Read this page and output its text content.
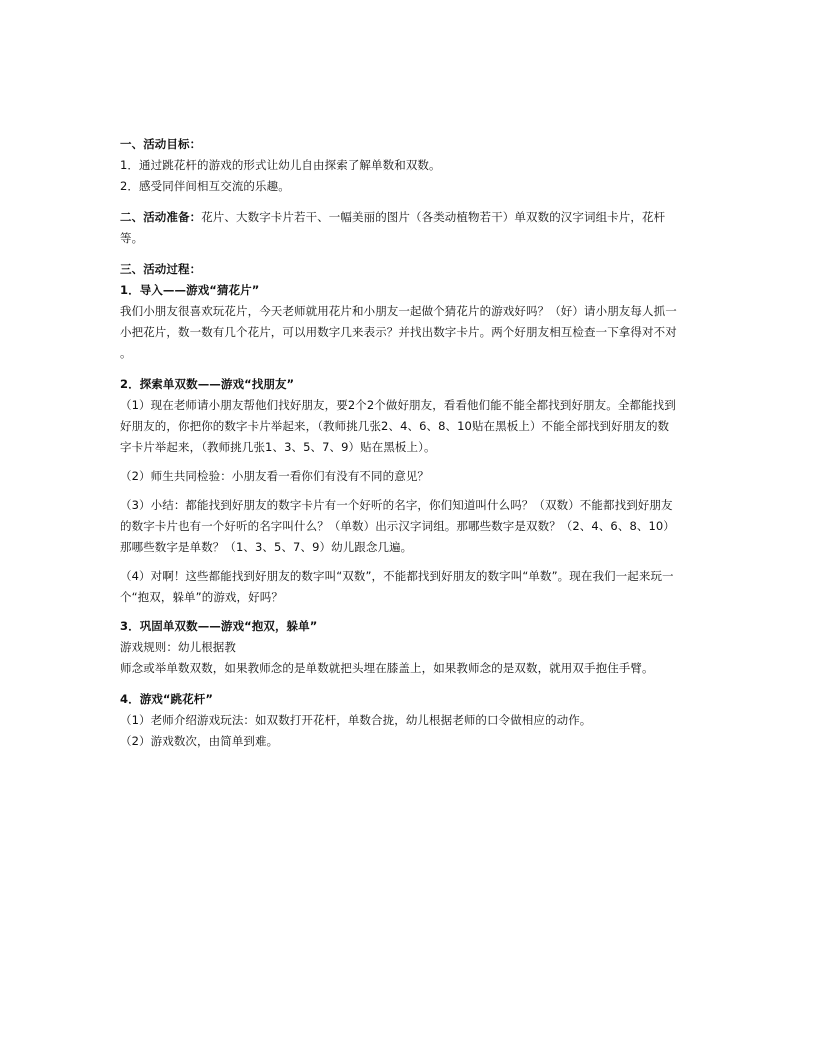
一、活动目标：

1．通过跳花杆的游戏的形式让幼儿自由探索了解单数和双数。

2．感受同伴间相互交流的乐趣。

二、活动准备：花片、大数字卡片若干、一幅美丽的图片（各类动植物若干）单双数的汉字词组卡片，花杆

等。

三、活动过程：

1．导入——游戏“猜花片”

我们小朋友很喜欢玩花片，今天老师就用花片和小朋友一起做个猜花片的游戏好吗？（好）请小朋友每人抓一

小把花片，数一数有几个花片，可以用数字几来表示？并找出数字卡片。两个好朋友相互检查一下拿得对不对

。

2．探索单双数——游戏“找朋友”

（1）现在老师请小朋友帮他们找好朋友，要2个2个做好朋友，看看他们能不能全都找到好朋友。全都能找到

好朋友的，你把你的数字卡片举起来，（教师挑几张2、4、6、8、10贴在黑板上）不能全部找到好朋友的数

字卡片举起来，（教师挑几张1、3、5、7、9）贴在黑板上）。

（2）师生共同检验：小朋友看一看你们有没有不同的意见？

（3）小结：都能找到好朋友的数字卡片有一个好听的名字，你们知道叫什么吗？（双数）不能都找到好朋友

的数字卡片也有一个好听的名字叫什么？（单数）出示汉字词组。那哪些数字是双数？（2、4、6、8、10）

那哪些数字是单数？（1、3、5、7、9）幼儿跟念几遍。

（4）对啊！这些都能找到好朋友的数字叫“双数”，不能都找到好朋友的数字叫“单数”。现在我们一起来玩一

个“抱双，躲单”的游戏，好吗？

3．巩固单双数——游戏“抱双，躲单”

游戏规则：幼儿根据教

师念或举单数双数，如果教师念的是单数就把头埋在膝盖上，如果教师念的是双数，就用双手抱住手臂。

4．游戏“跳花杆”

（1）老师介绍游戏玩法：如双数打开花杆，单数合拢，幼儿根据老师的口令做相应的动作。

（2）游戏数次，由简单到难。
